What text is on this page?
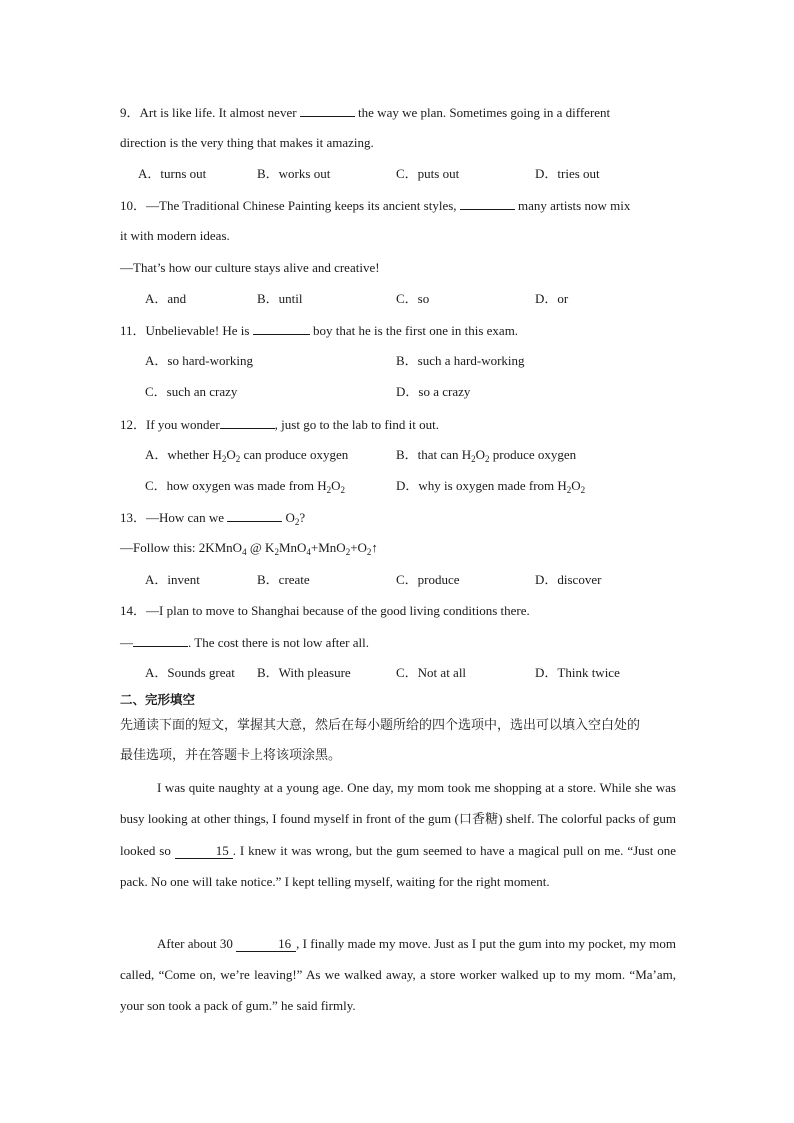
9．Art is like life. It almost never	the way we plan. Sometimes going in a different
direction is the very thing that makes it amazing.
A．turns out	B．works out	C．puts out	D．tries out
10．—The Traditional Chinese Painting keeps its ancient styles,	many artists now mix
it with modern ideas.
—That’s how our culture stays alive and creative!
A．and	B．until	C．so	D．or
11．Unbelievable! He is	boy that he is the first one in this exam.
A．so hard-working	B．such a hard-working
C．such an crazy	D．so a crazy
12．If you wonder	, just go to the lab to find it out.
A．whether $H_2O_2$ can produce oxygen	B．that can $H_2O_2$ produce oxygen
C．how oxygen was made from $H_2O_2$	D．why is oxygen made from $H_2O_2$
13．—How can we	$O_2$?
—Follow this: 2KMnO$_4$ @ $K_2MnO_4+MnO_2+O_2↑$
A．invent	B．create	C．produce	D．discover
14．—I plan to move to Shanghai because of the good living conditions there.
—	. The cost there is not low after all.
A．Sounds great B．With pleasure	C．Not at all	D．Think twice
二、完形填空
先通读下面的短文，掌握其大意，然后在每小题所给的四个选项中，选出可以填入空白处的
最佳选项，并在答题卡上将该项涂黑。
I was quite naughty at a young age. One day, my mom took me shopping at a store. While she was busy looking at other things, I found myself in front of the gum (口香糖) shelf. The colorful packs of gum looked so	15 . I knew it was wrong, but the gum seemed to have a magical pull on me. “Just one pack. No one will take notice.” I kept telling myself, waiting for the right moment.
After about 30	16 , I finally made my move. Just as I put the gum into my pocket, my mom called, “Come on, we’re leaving!” As we walked away, a store worker walked up to my mom. “Ma’am, your son took a pack of gum.” he said firmly.
